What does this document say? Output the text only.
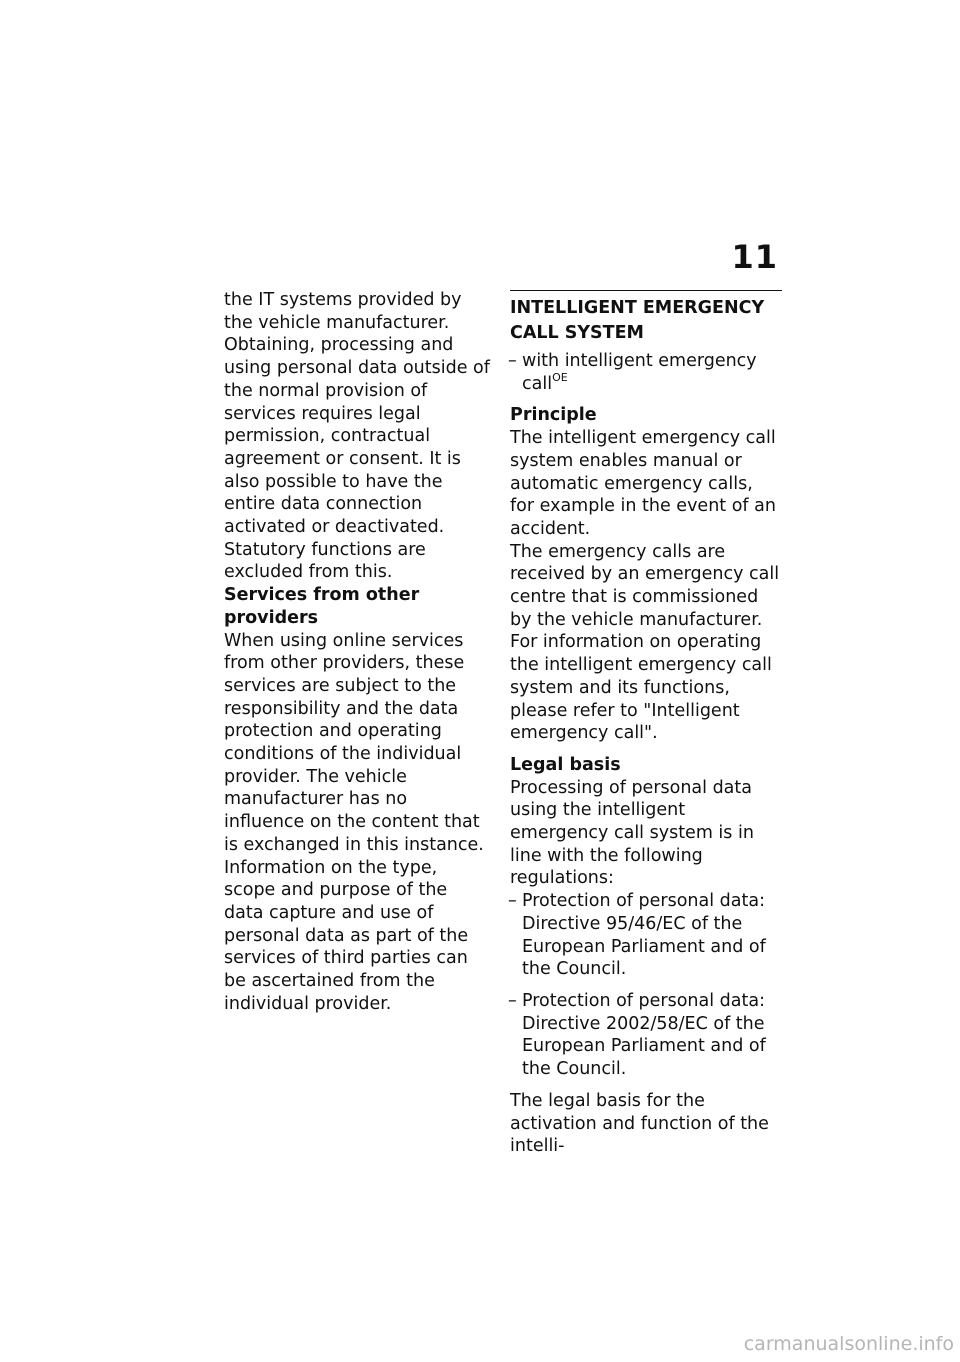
11

the IT systems provided by the vehicle manufacturer.

Obtaining, processing and using personal data outside of the normal provision of services requires legal permission, contractual agreement or consent. It is also possible to have the entire data connection activated or deactivated. Statutory functions are excluded from this.

Services from other providers

When using online services from other providers, these services are subject to the responsibility and the data protection and operating conditions of the individual provider. The vehicle manufacturer has no influence on the content that is exchanged in this instance. Information on the type, scope and purpose of the data capture and use of personal data as part of the services of third parties can be ascertained from the individual provider.

INTELLIGENT EMERGENCY CALL SYSTEM

– with intelligent emergency call$^{OE}$

Principle

The intelligent emergency call system enables manual or automatic emergency calls, for example in the event of an accident.

The emergency calls are received by an emergency call centre that is commissioned by the vehicle manufacturer.

For information on operating the intelligent emergency call system and its functions, please refer to "Intelligent emergency call".

Legal basis

Processing of personal data using the intelligent emergency call system is in line with the following regulations:

– Protection of personal data: Directive 95/46/EC of the European Parliament and of the Council.

– Protection of personal data: Directive 2002/58/EC of the European Parliament and of the Council.

The legal basis for the activation and function of the intelli-

carmanualsonline.info
